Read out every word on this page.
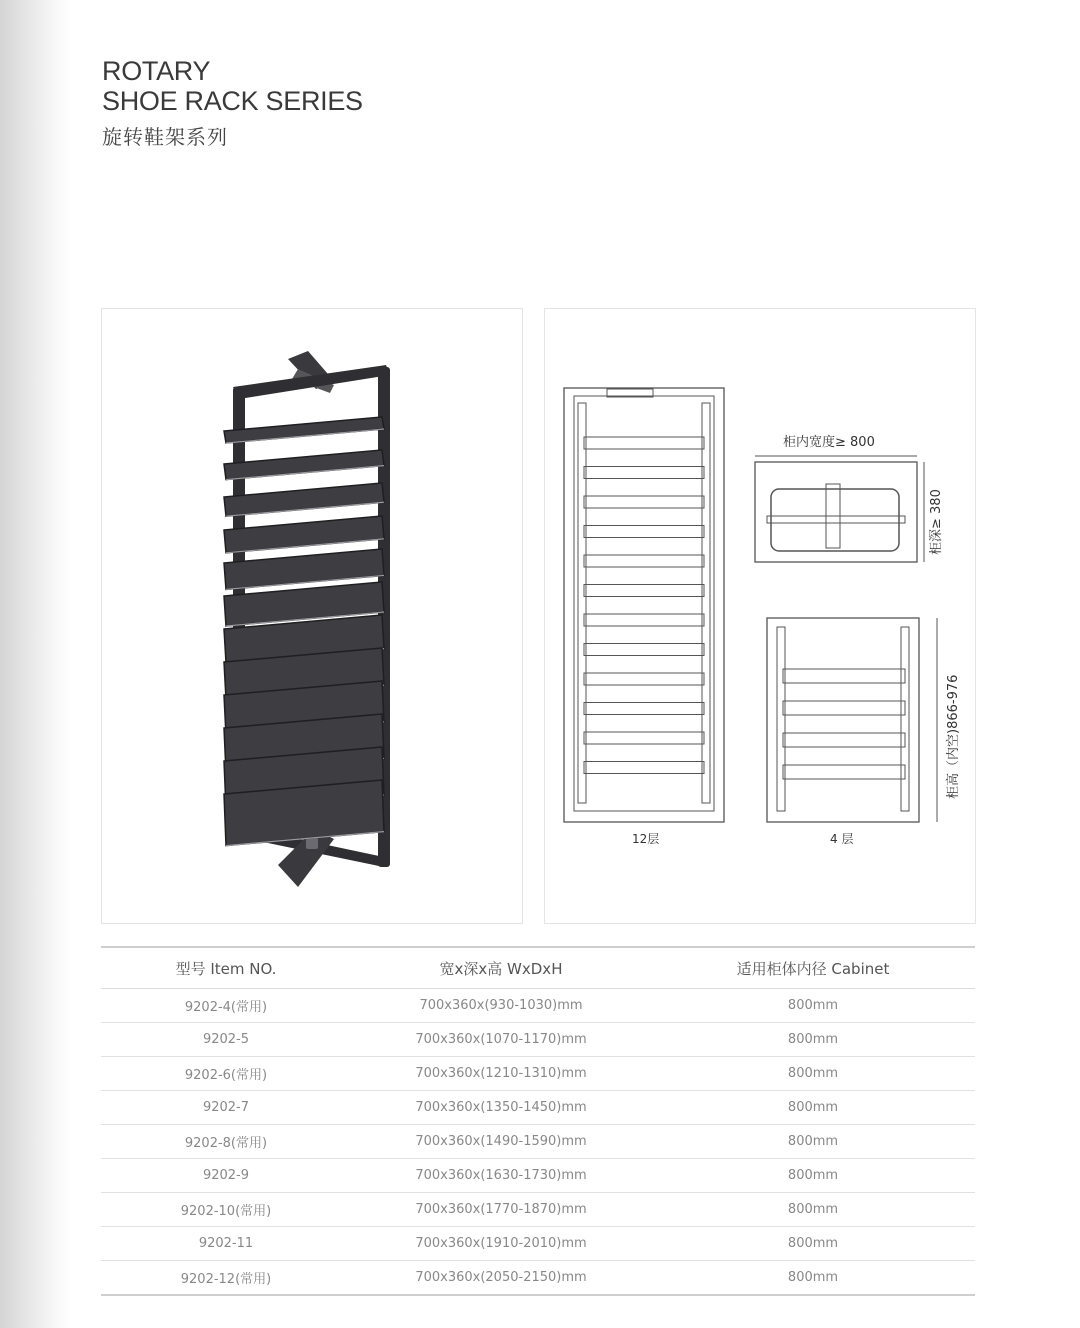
ROTARY
SHOE RACK SERIES
旋转鞋架系列
柜内宽度≥ 800
柜深≥ 380
柜高（内空)866-976
12层	4 层
型号 Item NO.	宽x深x高 WxDxH	适用柜体内径 Cabinet
9202-4(常用)	700x360x(930-1030)mm	800mm
9202-5	700x360x(1070-1170)mm	800mm
9202-6(常用)	700x360x(1210-1310)mm	800mm
9202-7	700x360x(1350-1450)mm	800mm
9202-8(常用)	700x360x(1490-1590)mm	800mm
9202-9	700x360x(1630-1730)mm	800mm
9202-10(常用)	700x360x(1770-1870)mm	800mm
9202-11	700x360x(1910-2010)mm	800mm
9202-12(常用)	700x360x(2050-2150)mm	800mm
